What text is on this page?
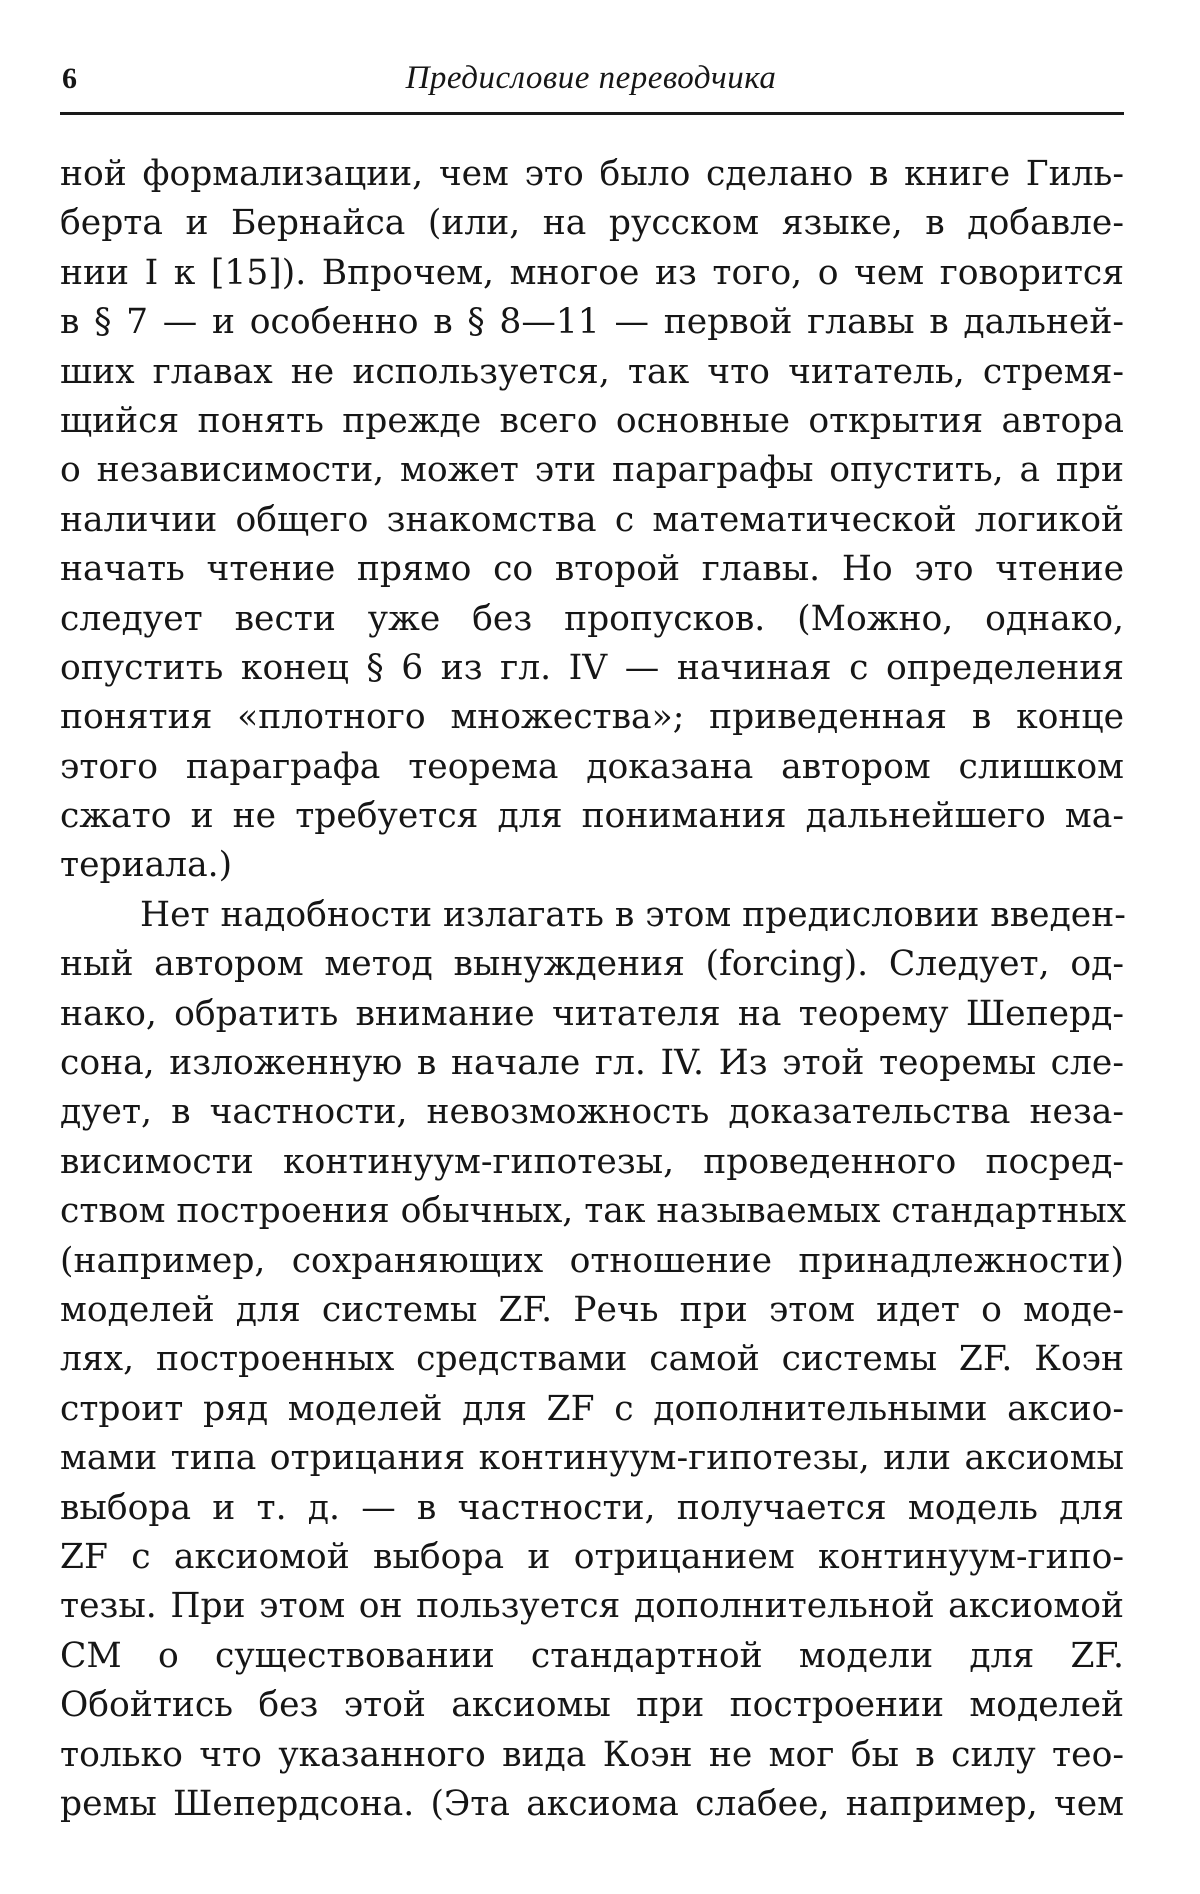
6	Предисловие переводчика
ной формализации, чем это было сделано в книге Гиль-
берта и Бернайса (или, на русском языке, в добавле-
нии I к [15]). Впрочем, многое из того, о чем говорится
в § 7 — и особенно в § 8—11 — первой главы в дальней-
ших главах не используется, так что читатель, стремя-
щийся понять прежде всего основные открытия автора
о независимости, может эти параграфы опустить, а при
наличии общего знакомства с математической логикой
начать чтение прямо со второй главы. Но это чтение
следует вести уже без пропусков. (Можно, однако,
опустить конец § 6 из гл. IV — начиная с определения
понятия «плотного множества»; приведенная в конце
этого параграфа теорема доказана автором слишком
сжато и не требуется для понимания дальнейшего ма-
териала.)
Нет надобности излагать в этом предисловии введен-
ный автором метод вынуждения (forcing). Следует, од-
нако, обратить внимание читателя на теорему Шеперд-
сона, изложенную в начале гл. IV. Из этой теоремы сле-
дует, в частности, невозможность доказательства неза-
висимости континуум-гипотезы, проведенного посред-
ством построения обычных, так называемых стандартных
(например, сохраняющих отношение принадлежности)
моделей для системы ZF. Речь при этом идет о моде-
лях, построенных средствами самой системы ZF. Коэн
строит ряд моделей для ZF с дополнительными аксио-
мами типа отрицания континуум-гипотезы, или аксиомы
выбора и т. д. — в частности, получается модель для
ZF с аксиомой выбора и отрицанием континуум-гипо-
тезы. При этом он пользуется дополнительной аксиомой
СМ о существовании стандартной модели для ZF.
Обойтись без этой аксиомы при построении моделей
только что указанного вида Коэн не мог бы в силу тео-
ремы Шепердсона. (Эта аксиома слабее, например, чем
